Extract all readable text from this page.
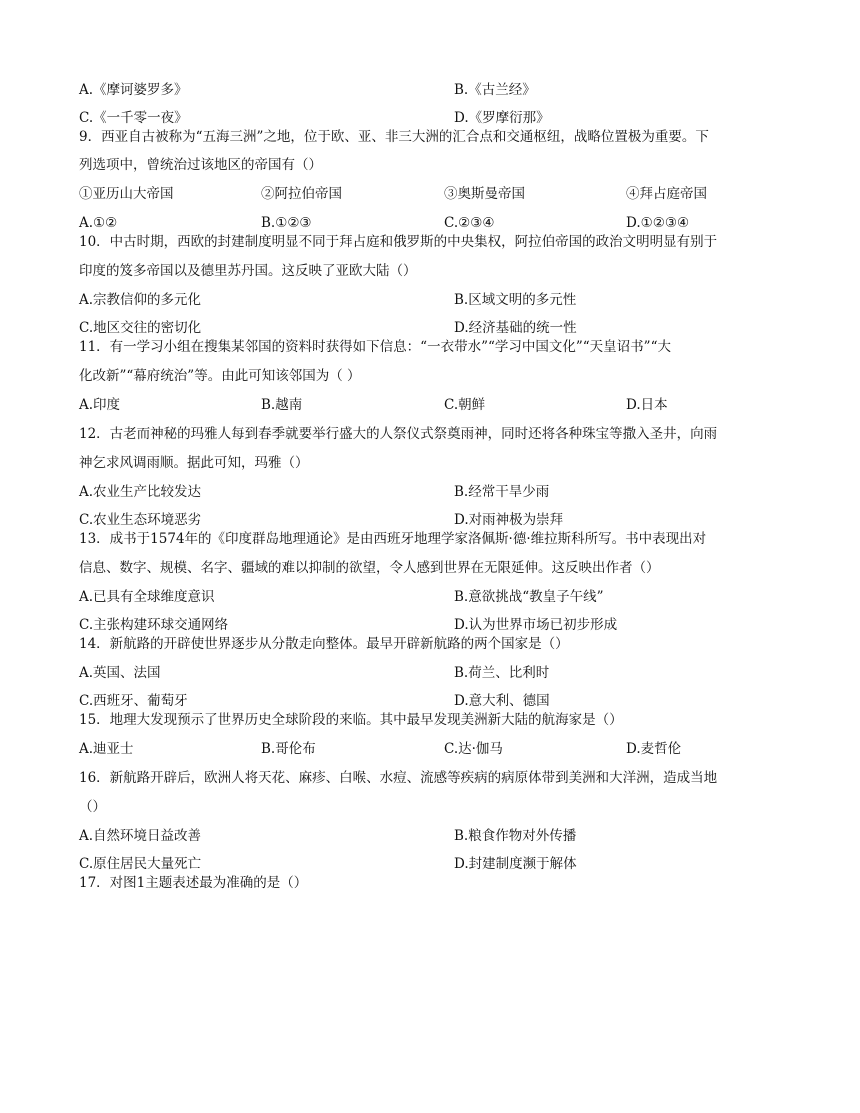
A.《摩诃婆罗多》	B.《古兰经》
C.《一千零一夜》	D.《罗摩衍那》
9．西亚自古被称为“五海三洲”之地，位于欧、亚、非三大洲的汇合点和交通枢纽，战略位置极为重要。下
列选项中，曾统治过该地区的帝国有（）
①亚历山大帝国	②阿拉伯帝国	③奥斯曼帝国	④拜占庭帝国
A.①②	B.①②③	C.②③④	D.①②③④
10．中古时期，西欧的封建制度明显不同于拜占庭和俄罗斯的中央集权，阿拉伯帝国的政治文明明显有别于
印度的笈多帝国以及德里苏丹国。这反映了亚欧大陆（）
A.宗教信仰的多元化	B.区域文明的多元性
C.地区交往的密切化	D.经济基础的统一性
11．有一学习小组在搜集某邻国的资料时获得如下信息：“一衣带水”“学习中国文化”“天皇诏书”“大
化改新”“幕府统治”等。由此可知该邻国为（ ）
A.印度	B.越南	C.朝鲜	D.日本
12．古老而神秘的玛雅人每到春季就要举行盛大的人祭仪式祭奠雨神，同时还将各种珠宝等撒入圣井，向雨
神乞求风调雨顺。据此可知，玛雅（）
A.农业生产比较发达	B.经常干旱少雨
C.农业生态环境恶劣	D.对雨神极为崇拜
13．成书于1574年的《印度群岛地理通论》是由西班牙地理学家洛佩斯·德·维拉斯科所写。书中表现出对
信息、数字、规模、名字、疆域的难以抑制的欲望，令人感到世界在无限延伸。这反映出作者（）
A.已具有全球维度意识	B.意欲挑战“教皇子午线”
C.主张构建环球交通网络	D.认为世界市场已初步形成
14．新航路的开辟使世界逐步从分散走向整体。最早开辟新航路的两个国家是（）
A.英国、法国	B.荷兰、比利时
C.西班牙、葡萄牙	D.意大利、德国
15．地理大发现预示了世界历史全球阶段的来临。其中最早发现美洲新大陆的航海家是（）
A.迪亚士	B.哥伦布	C.达·伽马	D.麦哲伦
16．新航路开辟后，欧洲人将天花、麻疹、白喉、水痘、流感等疾病的病原体带到美洲和大洋洲，造成当地
（）
A.自然环境日益改善	B.粮食作物对外传播
C.原住居民大量死亡	D.封建制度濒于解体
17．对图1主题表述最为准确的是（）
